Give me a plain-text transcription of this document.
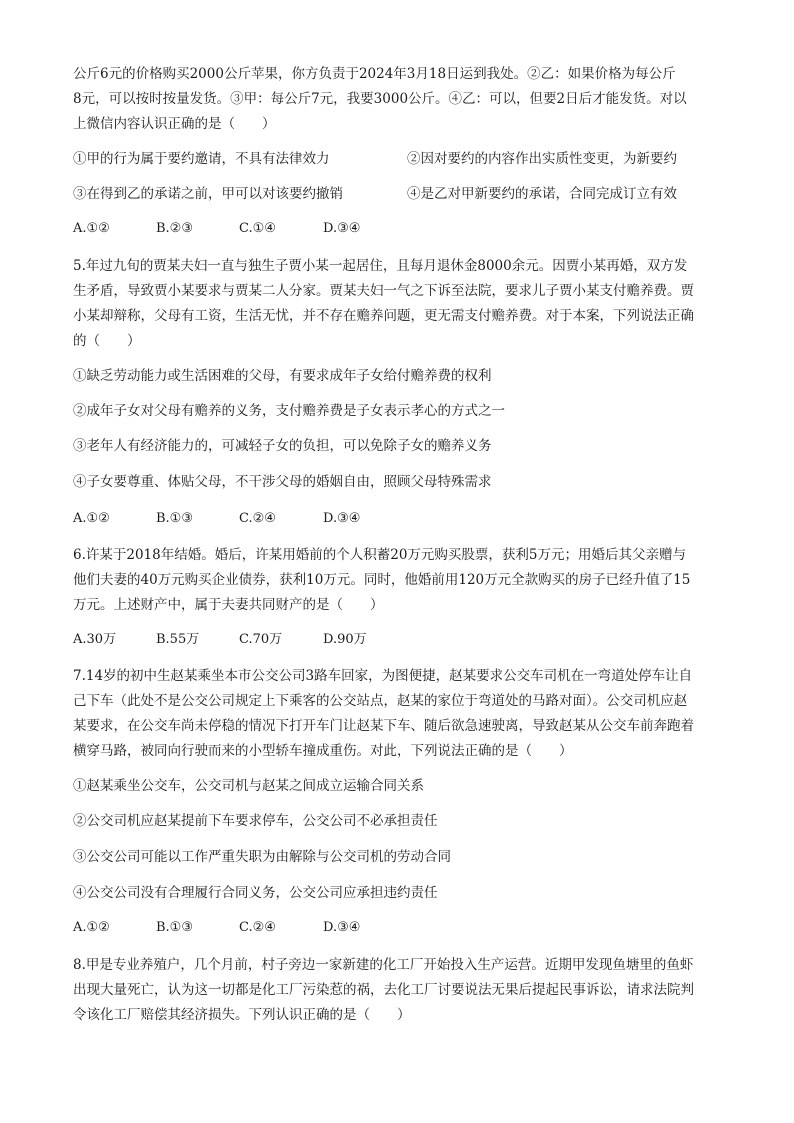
公斤6元的价格购买2000公斤苹果，你方负责于2024年3月18日运到我处。②乙：如果价格为每公斤
8元，可以按时按量发货。③甲：每公斤7元，我要3000公斤。④乙：可以，但要2日后才能发货。对以
上微信内容认识正确的是（　　）
①甲的行为属于要约邀请，不具有法律效力	②因对要约的内容作出实质性变更，为新要约
③在得到乙的承诺之前，甲可以对该要约撤销	④是乙对甲新要约的承诺，合同完成订立有效
A.①②	B.②③	C.①④	D.③④
5.年过九旬的贾某夫妇一直与独生子贾小某一起居住，且每月退休金8000余元。因贾小某再婚，双方发
生矛盾，导致贾小某要求与贾某二人分家。贾某夫妇一气之下诉至法院，要求儿子贾小某支付赡养费。贾
小某却辩称，父母有工资，生活无忧，并不存在赡养问题，更无需支付赡养费。对于本案，下列说法正确
的（　　）
①缺乏劳动能力或生活困难的父母，有要求成年子女给付赡养费的权利
②成年子女对父母有赡养的义务，支付赡养费是子女表示孝心的方式之一
③老年人有经济能力的，可减轻子女的负担，可以免除子女的赡养义务
④子女要尊重、体贴父母，不干涉父母的婚姻自由，照顾父母特殊需求
A.①②	B.①③	C.②④	D.③④
6.许某于2018年结婚。婚后，许某用婚前的个人积蓄20万元购买股票，获利5万元；用婚后其父亲赠与
他们夫妻的40万元购买企业债券，获利10万元。同时，他婚前用120万元全款购买的房子已经升值了15
万元。上述财产中，属于夫妻共同财产的是（　　）
A.30万	B.55万	C.70万	D.90万
7.14岁的初中生赵某乘坐本市公交公司3路车回家，为图便捷，赵某要求公交车司机在一弯道处停车让自
己下车（此处不是公交公司规定上下乘客的公交站点，赵某的家位于弯道处的马路对面）。公交司机应赵
某要求，在公交车尚未停稳的情况下打开车门让赵某下车、随后欲急速驶离，导致赵某从公交车前奔跑着
横穿马路，被同向行驶而来的小型轿车撞成重伤。对此，下列说法正确的是（　　）
①赵某乘坐公交车，公交司机与赵某之间成立运输合同关系
②公交司机应赵某提前下车要求停车，公交公司不必承担责任
③公交公司可能以工作严重失职为由解除与公交司机的劳动合同
④公交公司没有合理履行合同义务，公交公司应承担违约责任
A.①②	B.①③	C.②④	D.③④
8.甲是专业养殖户，几个月前，村子旁边一家新建的化工厂开始投入生产运营。近期甲发现鱼塘里的鱼虾
出现大量死亡，认为这一切都是化工厂污染惹的祸，去化工厂讨要说法无果后提起民事诉讼，请求法院判
令该化工厂赔偿其经济损失。下列认识正确的是（　　）
